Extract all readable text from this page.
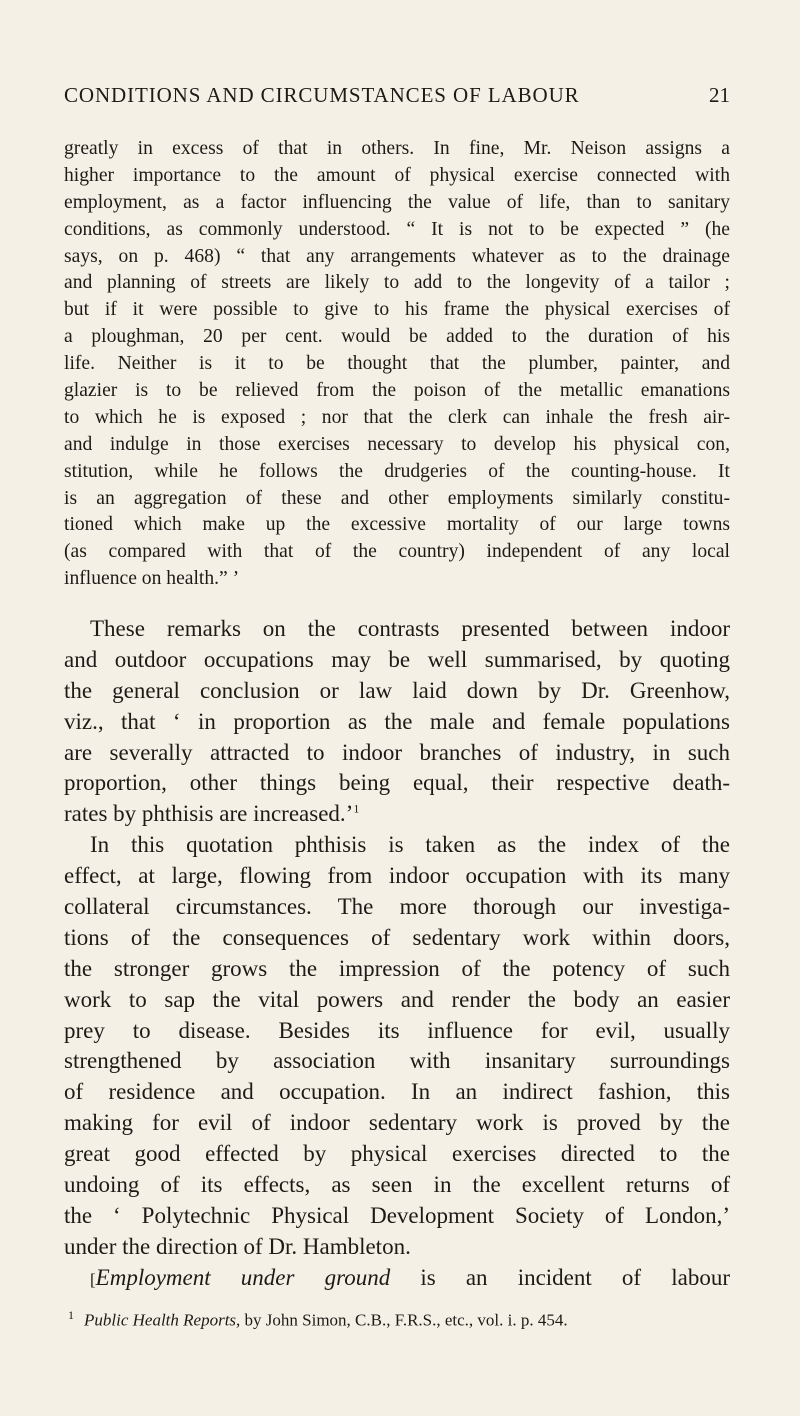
CONDITIONS AND CIRCUMSTANCES OF LABOUR	21
greatly in excess of that in others. In fine, Mr. Neison assigns a
higher importance to the amount of physical exercise connected with
employment, as a factor influencing the value of life, than to sanitary
conditions, as commonly understood. “ It is not to be expected ” (he
says, on p. 468) “ that any arrangements whatever as to the drainage
and planning of streets are likely to add to the longevity of a tailor ;
but if it were possible to give to his frame the physical exercises of
a ploughman, 20 per cent. would be added to the duration of his
life. Neither is it to be thought that the plumber, painter, and
glazier is to be relieved from the poison of the metallic emanations
to which he is exposed ; nor that the clerk can inhale the fresh air-
and indulge in those exercises necessary to develop his physical con,
stitution, while he follows the drudgeries of the counting-house. It
is an aggregation of these and other employments similarly constitu-
tioned which make up the excessive mortality of our large towns
(as compared with that of the country) independent of any local
influence on health.” ’
These remarks on the contrasts presented between indoor
and outdoor occupations may be well summarised, by quoting
the general conclusion or law laid down by Dr. Greenhow,
viz., that ‘ in proportion as the male and female populations
are severally attracted to indoor branches of industry, in such
proportion, other things being equal, their respective death-
rates by phthisis are increased.’$^1$
In this quotation phthisis is taken as the index of the
effect, at large, flowing from indoor occupation with its many
collateral circumstances. The more thorough our investiga-
tions of the consequences of sedentary work within doors,
the stronger grows the impression of the potency of such
work to sap the vital powers and render the body an easier
prey to disease. Besides its influence for evil, usually
strengthened by association with insanitary surroundings
of residence and occupation. In an indirect fashion, this
making for evil of indoor sedentary work is proved by the
great good effected by physical exercises directed to the
undoing of its effects, as seen in the excellent returns of
the ‘ Polytechnic Physical Development Society of London,’
under the direction of Dr. Hambleton.
[Employment under ground is an incident of labour
$^1$ Public Health Reports, by John Simon, C.B., F.R.S., etc., vol. i. p. 454.
